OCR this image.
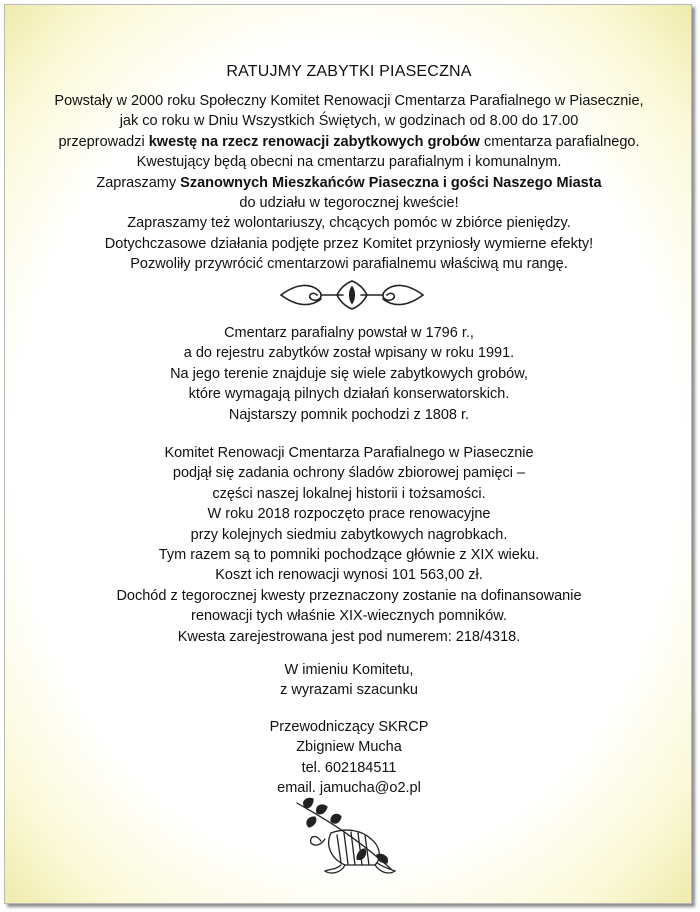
RATUJMY ZABYTKI PIASECZNA
Powstały w 2000 roku Społeczny Komitet Renowacji Cmentarza Parafialnego w Piasecznie,
jak co roku w Dniu Wszystkich Świętych, w godzinach od 8.00 do 17.00
przeprowadzi kwestę na rzecz renowacji zabytkowych grobów cmentarza parafialnego.
Kwestujący będą obecni na cmentarzu parafialnym i komunalnym.
Zapraszamy Szanownych Mieszkańców Piaseczna i gości Naszego Miasta
do udziału w tegorocznej kweście!
Zapraszamy też wolontariuszy, chcących pomóc w zbiórce pieniędzy.
Dotychczasowe działania podjęte przez Komitet przyniosły wymierne efekty!
Pozwoliły przywrócić cmentarzowi parafialnemu właściwą mu rangę.
Cmentarz parafialny powstał w 1796 r.,
a do rejestru zabytków został wpisany w roku 1991.
Na jego terenie znajduje się wiele zabytkowych grobów,
które wymagają pilnych działań konserwatorskich.
Najstarszy pomnik pochodzi z 1808 r.
Komitet Renowacji Cmentarza Parafialnego w Piasecznie
podjął się zadania ochrony śladów zbiorowej pamięci –
części naszej lokalnej historii i tożsamości.
W roku 2018 rozpoczęto prace renowacyjne
przy kolejnych siedmiu zabytkowych nagrobkach.
Tym razem są to pomniki pochodzące głównie z XIX wieku.
Koszt ich renowacji wynosi 101 563,00 zł.
Dochód z tegorocznej kwesty przeznaczony zostanie na dofinansowanie
renowacji tych właśnie XIX-wiecznych pomników.
Kwesta zarejestrowana jest pod numerem: 218/4318.
W imieniu Komitetu,
z wyrazami szacunku
Przewodniczący SKRCP
Zbigniew Mucha
tel. 602184511
email. jamucha@o2.pl
